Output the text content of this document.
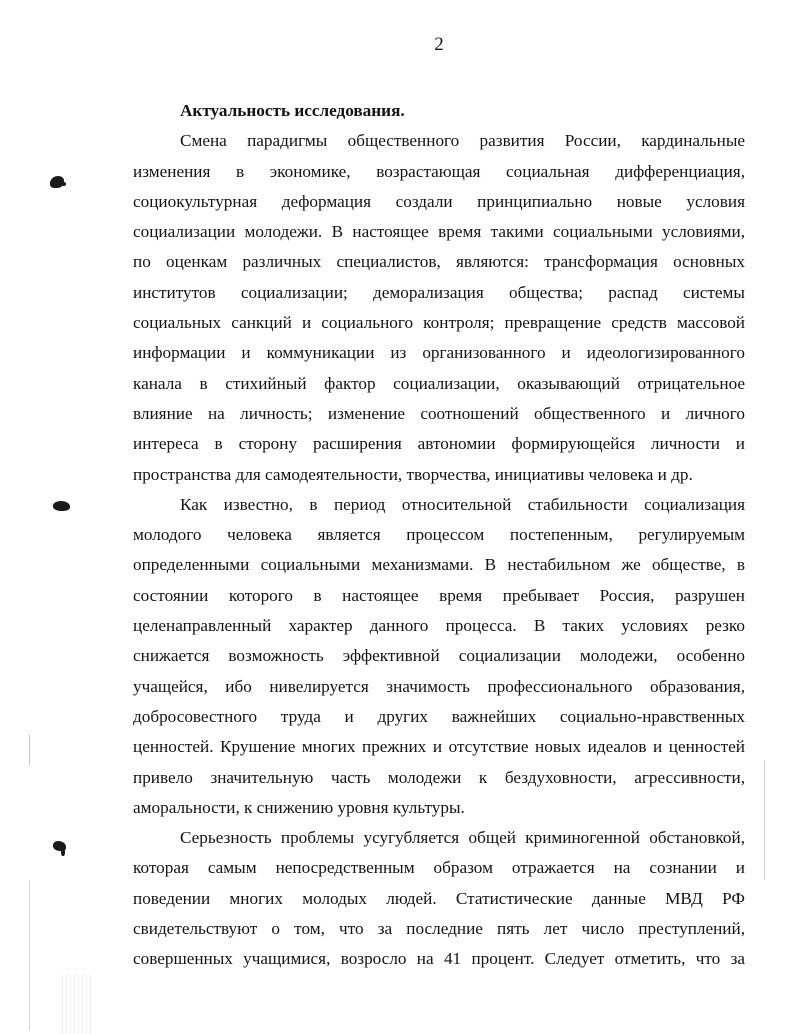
2

Актуальность исследования.

Смена парадигмы общественного развития России, кардинальные
изменения в экономике, возрастающая социальная дифференциация,
социокультурная деформация создали принципиально новые условия
социализации молодежи. В настоящее время такими социальными условиями,
по оценкам различных специалистов, являются: трансформация основных
институтов социализации; деморализация общества; распад системы
социальных санкций и социального контроля; превращение средств массовой
информации и коммуникации из организованного и идеологизированного
канала в стихийный фактор социализации, оказывающий отрицательное
влияние на личность; изменение соотношений общественного и личного
интереса в сторону расширения автономии формирующейся личности и
пространства для самодеятельности, творчества, инициативы человека и др.

Как известно, в период относительной стабильности социализация
молодого человека является процессом постепенным, регулируемым
определенными социальными механизмами. В нестабильном же обществе, в
состоянии которого в настоящее время пребывает Россия, разрушен
целенаправленный характер данного процесса. В таких условиях резко
снижается возможность эффективной социализации молодежи, особенно
учащейся, ибо нивелируется значимость профессионального образования,
добросовестного труда и других важнейших социально-нравственных
ценностей. Крушение многих прежних и отсутствие новых идеалов и ценностей
привело значительную часть молодежи к бездуховности, агрессивности,
аморальности, к снижению уровня культуры.

Серьезность проблемы усугубляется общей криминогенной обстановкой,
которая самым непосредственным образом отражается на сознании и
поведении многих молодых людей. Статистические данные МВД РФ
свидетельствуют о том, что за последние пять лет число преступлений,
совершенных учащимися, возросло на 41 процент. Следует отметить, что за
